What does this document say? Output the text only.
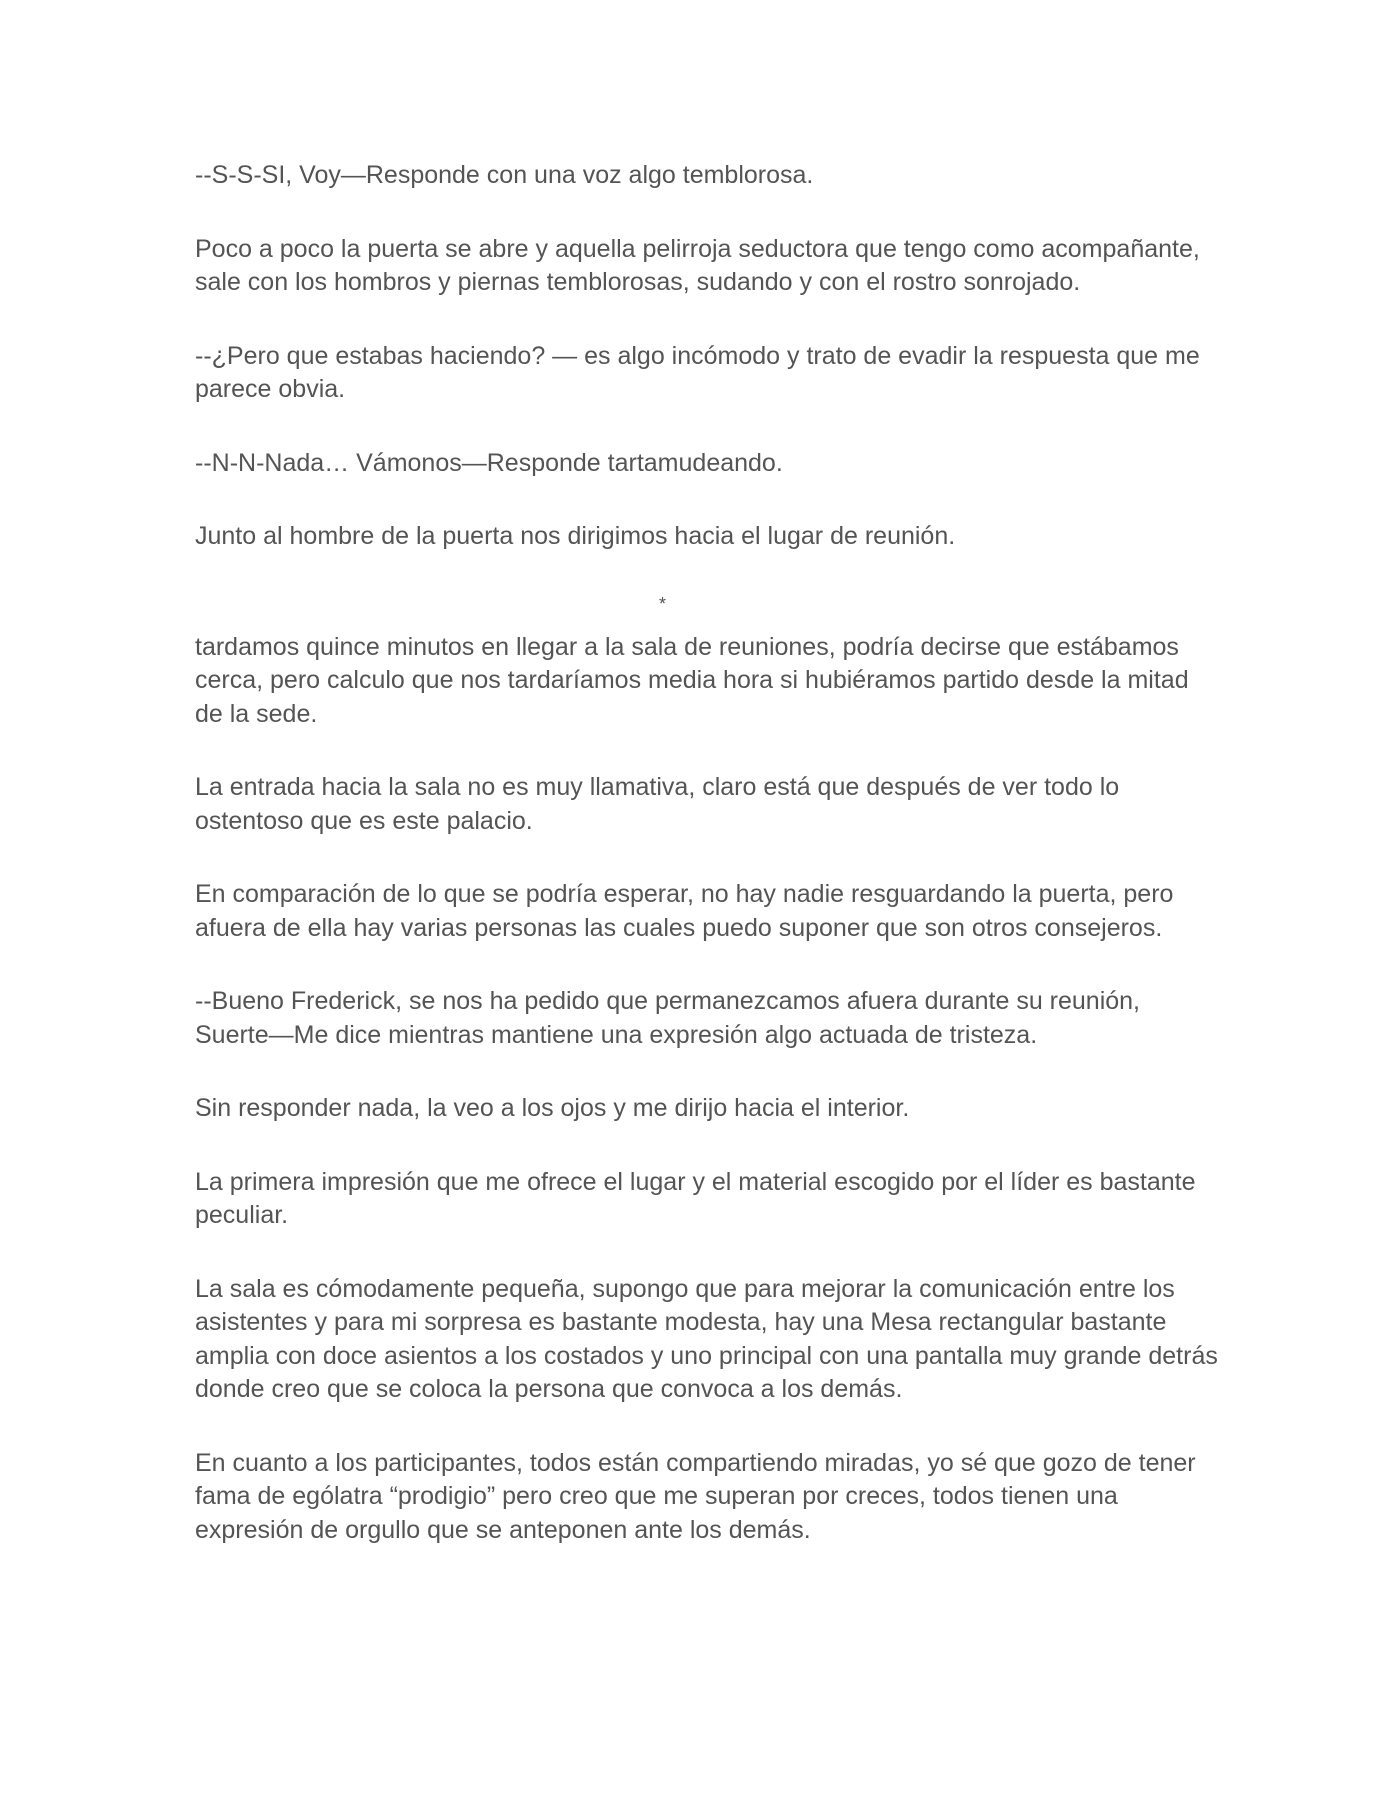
--S-S-SI, Voy—Responde con una voz algo temblorosa.

Poco a poco la puerta se abre y aquella pelirroja seductora que tengo como acompañante, sale con los hombros y piernas temblorosas, sudando y con el rostro sonrojado.

--¿Pero que estabas haciendo? — es algo incómodo y trato de evadir la respuesta que me parece obvia.

--N-N-Nada… Vámonos—Responde tartamudeando.

Junto al hombre de la puerta nos dirigimos hacia el lugar de reunión.

*

tardamos quince minutos en llegar a la sala de reuniones, podría decirse que estábamos cerca, pero calculo que nos tardaríamos media hora si hubiéramos partido desde la mitad de la sede.

La entrada hacia la sala no es muy llamativa, claro está que después de ver todo lo ostentoso que es este palacio.

En comparación de lo que se podría esperar, no hay nadie resguardando la puerta, pero afuera de ella hay varias personas las cuales puedo suponer que son otros consejeros.

--Bueno Frederick, se nos ha pedido que permanezcamos afuera durante su reunión, Suerte—Me dice mientras mantiene una expresión algo actuada de tristeza.

Sin responder nada, la veo a los ojos y me dirijo hacia el interior.

La primera impresión que me ofrece el lugar y el material escogido por el líder es bastante peculiar.

La sala es cómodamente pequeña, supongo que para mejorar la comunicación entre los asistentes y para mi sorpresa es bastante modesta, hay una Mesa rectangular bastante amplia con doce asientos a los costados y uno principal con una pantalla muy grande detrás donde creo que se coloca la persona que convoca a los demás.

En cuanto a los participantes, todos están compartiendo miradas, yo sé que gozo de tener fama de ególatra “prodigio” pero creo que me superan por creces, todos tienen una expresión de orgullo que se anteponen ante los demás.
